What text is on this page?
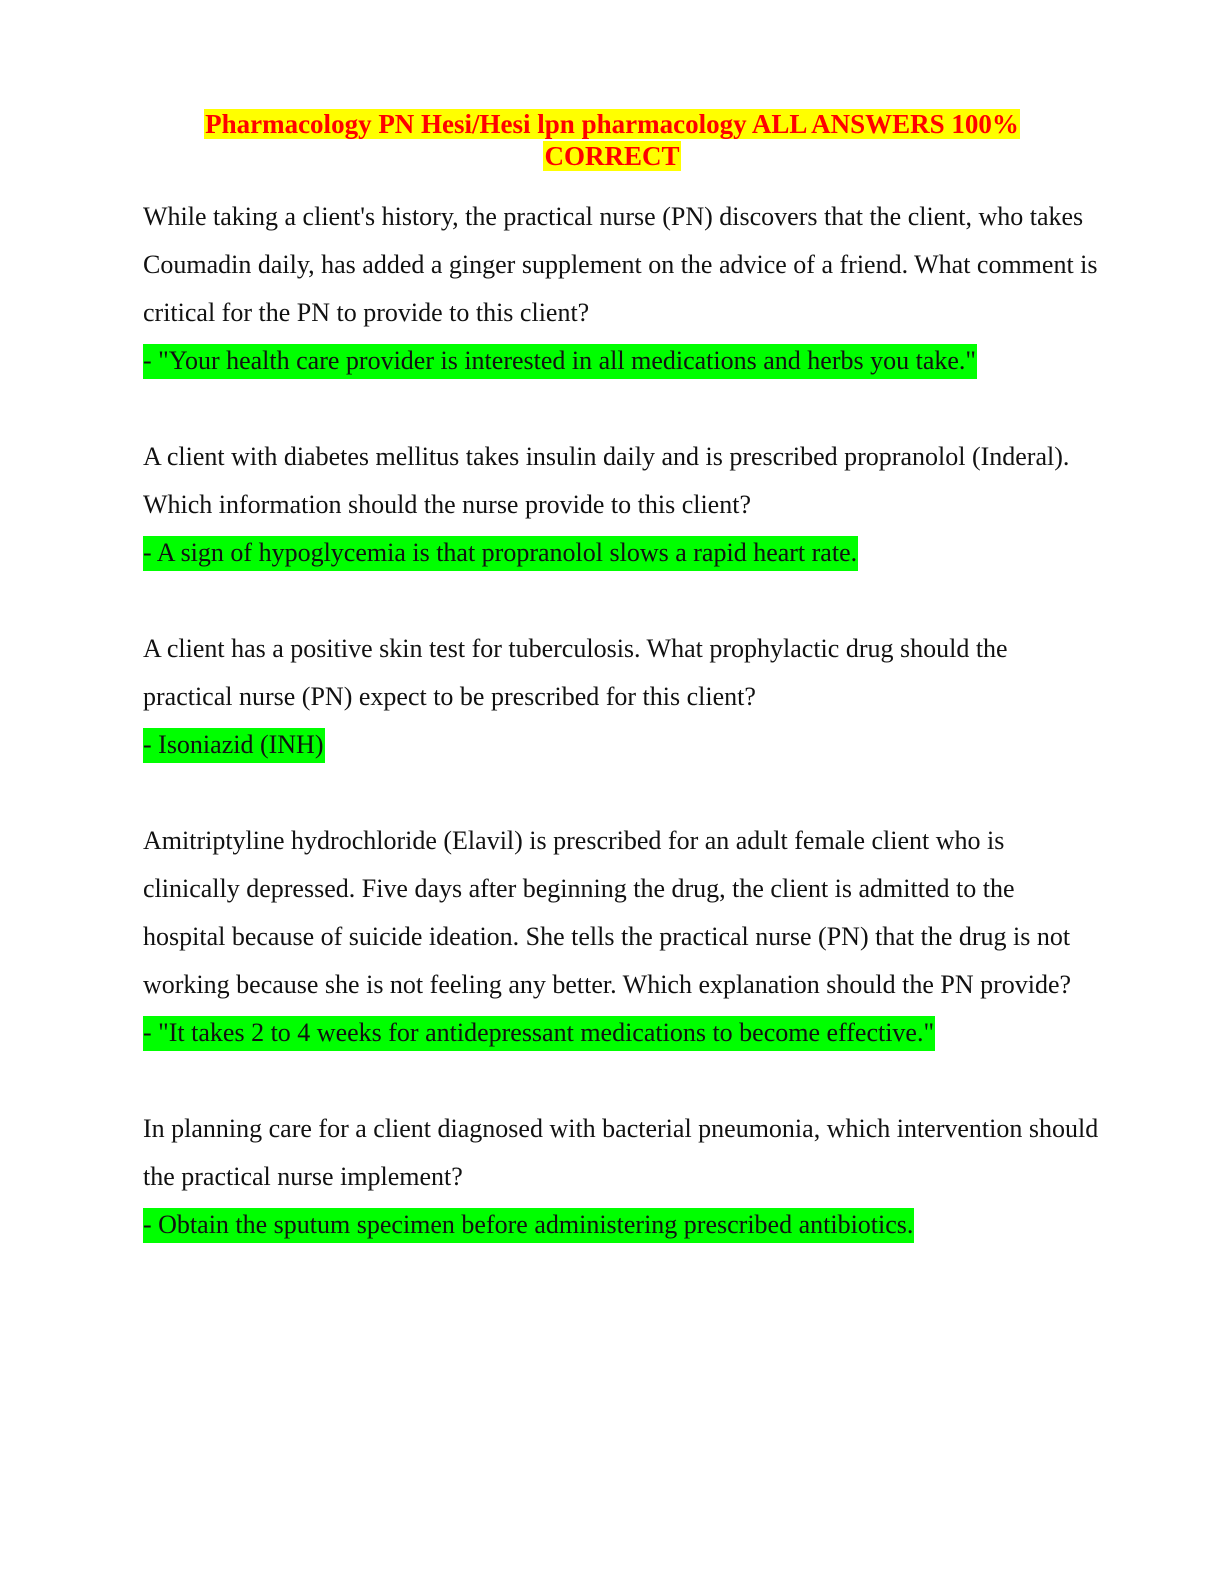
Pharmacology PN Hesi/Hesi lpn pharmacology ALL ANSWERS 100%
CORRECT

While taking a client's history, the practical nurse (PN) discovers that the client, who takes Coumadin daily, has added a ginger supplement on the advice of a friend. What comment is critical for the PN to provide to this client?

- "Your health care provider is interested in all medications and herbs you take."

A client with diabetes mellitus takes insulin daily and is prescribed propranolol (Inderal). Which information should the nurse provide to this client?

- A sign of hypoglycemia is that propranolol slows a rapid heart rate.

A client has a positive skin test for tuberculosis. What prophylactic drug should the practical nurse (PN) expect to be prescribed for this client?

- Isoniazid (INH)

Amitriptyline hydrochloride (Elavil) is prescribed for an adult female client who is clinically depressed. Five days after beginning the drug, the client is admitted to the hospital because of suicide ideation. She tells the practical nurse (PN) that the drug is not working because she is not feeling any better. Which explanation should the PN provide?

- "It takes 2 to 4 weeks for antidepressant medications to become effective."

In planning care for a client diagnosed with bacterial pneumonia, which intervention should the practical nurse implement?

- Obtain the sputum specimen before administering prescribed antibiotics.
